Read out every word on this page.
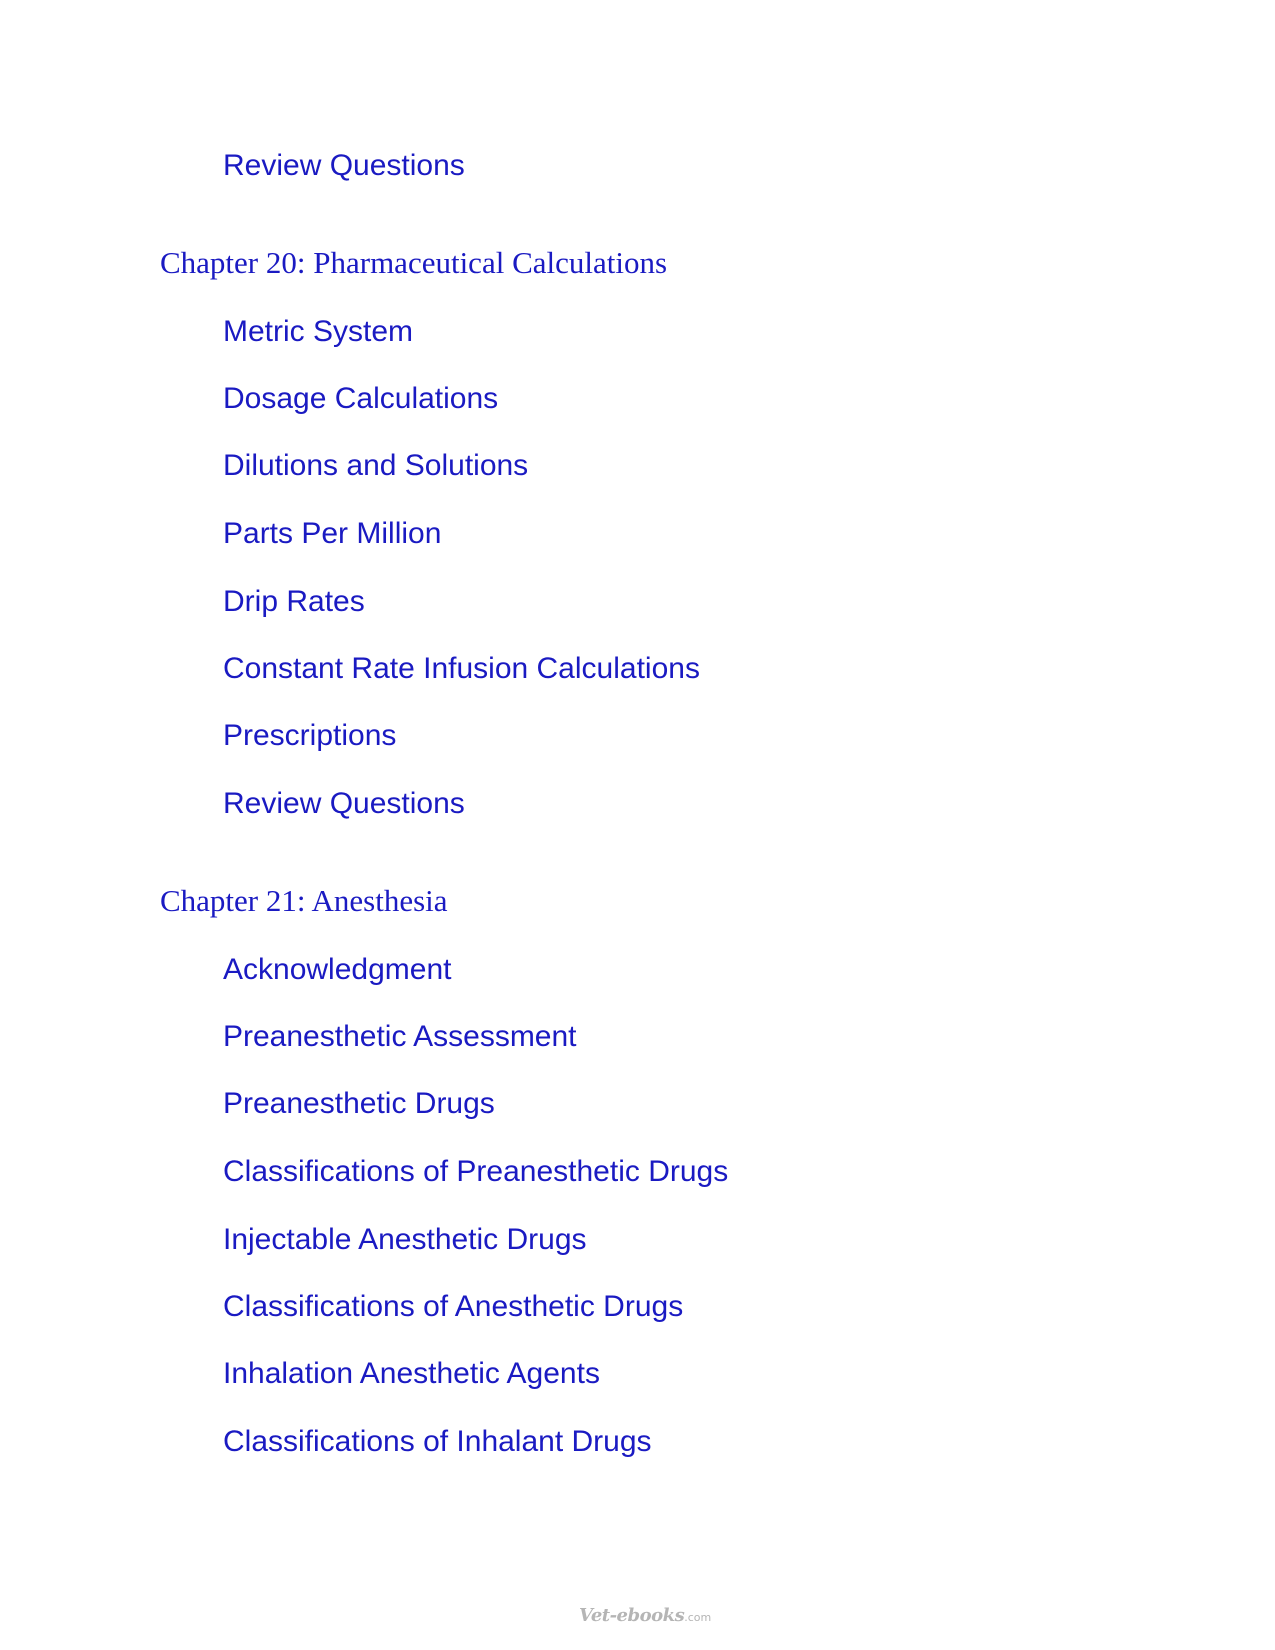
Review Questions
Chapter 20: Pharmaceutical Calculations
Metric System
Dosage Calculations
Dilutions and Solutions
Parts Per Million
Drip Rates
Constant Rate Infusion Calculations
Prescriptions
Review Questions
Chapter 21: Anesthesia
Acknowledgment
Preanesthetic Assessment
Preanesthetic Drugs
Classifications of Preanesthetic Drugs
Injectable Anesthetic Drugs
Classifications of Anesthetic Drugs
Inhalation Anesthetic Agents
Classifications of Inhalant Drugs
Vet-ebooks.com
